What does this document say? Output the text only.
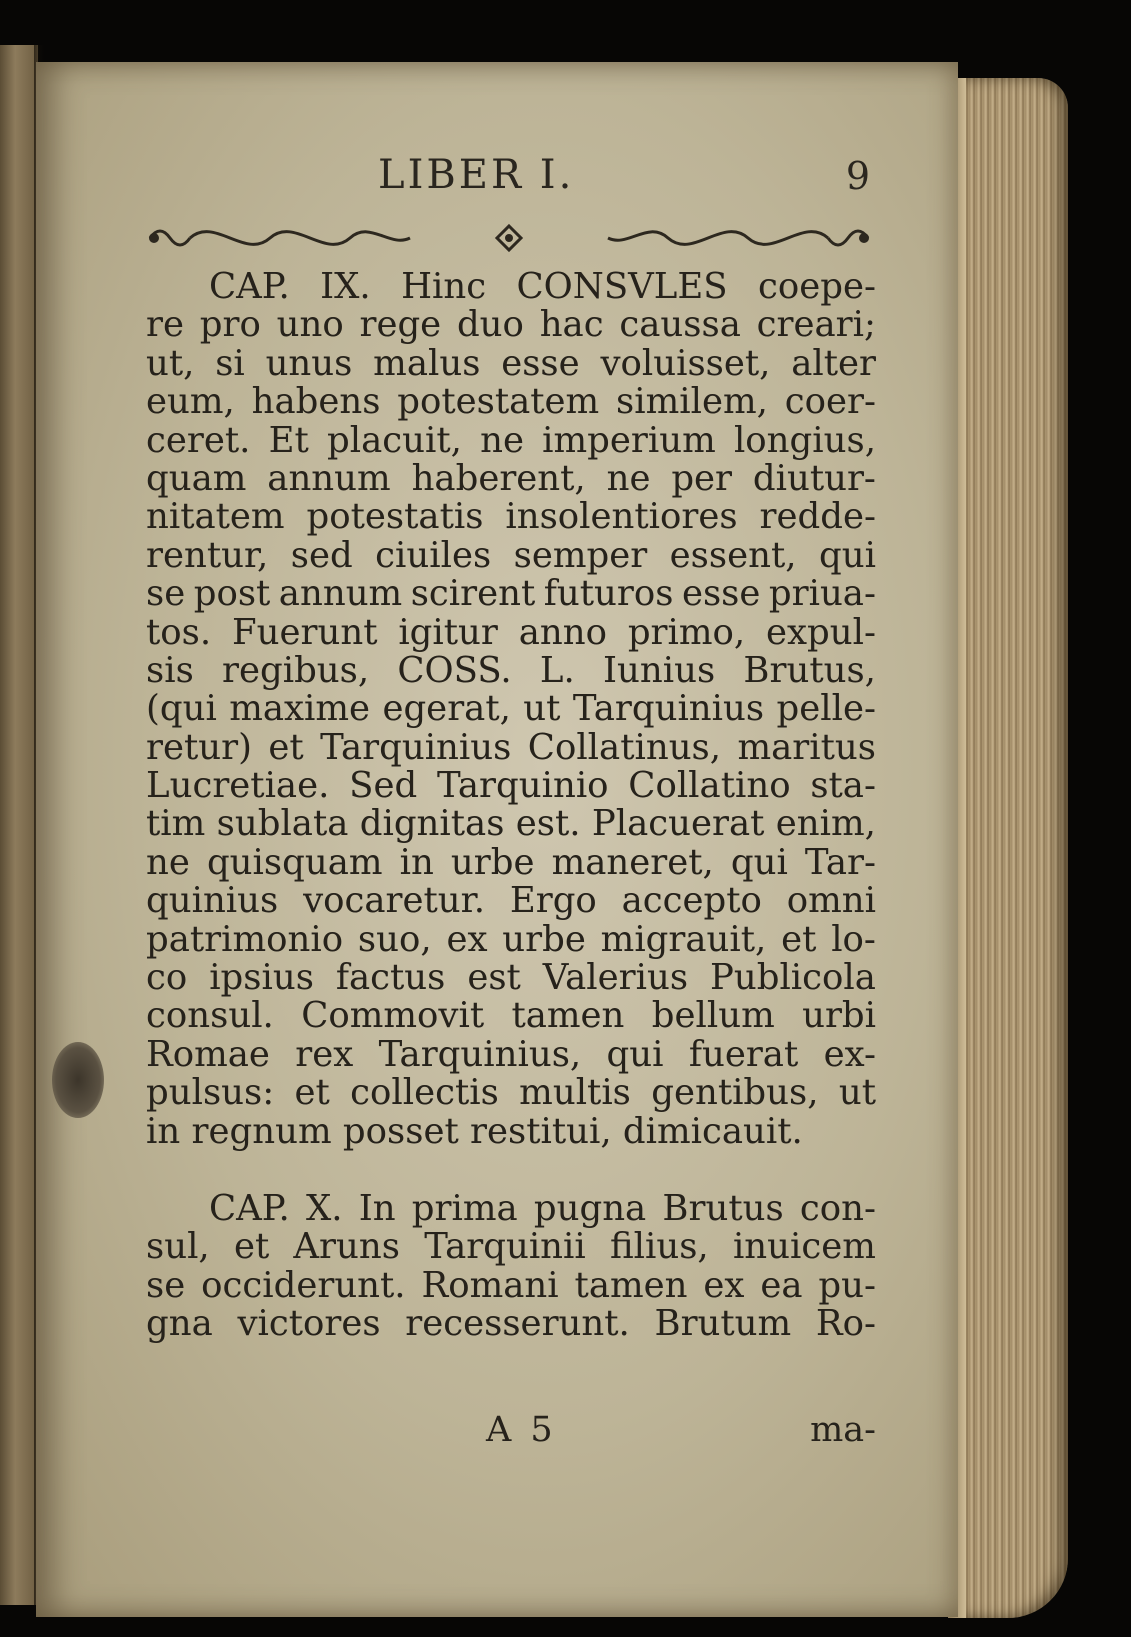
LIBER I.	9
CAP. IX. Hinc CONSVLES coepe-
re pro uno rege duo hac caussa creari;
ut, si unus malus esse voluisset, alter
eum, habens potestatem similem, coer-
ceret. Et placuit, ne imperium longius,
quam annum haberent, ne per diutur-
nitatem potestatis insolentiores redde-
rentur, sed ciuiles semper essent, qui
se post annum scirent futuros esse priua-
tos. Fuerunt igitur anno primo, expul-
sis regibus, COSS. L. Iunius Brutus,
(qui maxime egerat, ut Tarquinius pelle-
retur) et Tarquinius Collatinus, maritus
Lucretiae. Sed Tarquinio Collatino sta-
tim sublata dignitas est. Placuerat enim,
ne quisquam in urbe maneret, qui Tar-
quinius vocaretur. Ergo accepto omni
patrimonio suo, ex urbe migrauit, et lo-
co ipsius factus est Valerius Publicola
consul. Commovit tamen bellum urbi
Romae rex Tarquinius, qui fuerat ex-
pulsus: et collectis multis gentibus, ut
in
regnum
posset
restitui,
dimicauit.
CAP. X. In prima pugna Brutus con-
sul, et Aruns Tarquinii filius, inuicem
se occiderunt. Romani tamen ex ea pu-
gna victores recesserunt. Brutum Ro-
A 5	ma-
